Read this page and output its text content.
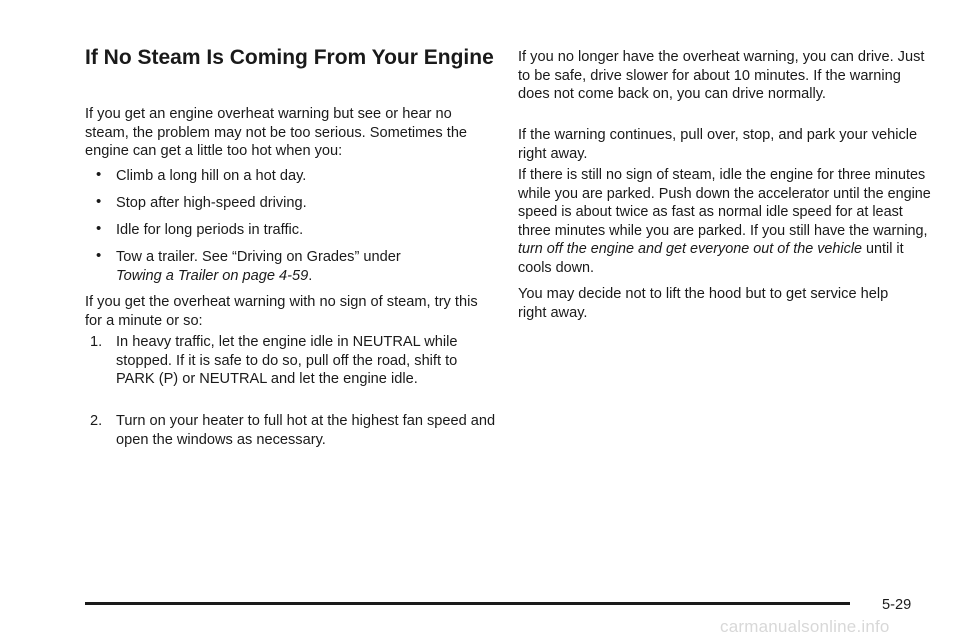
If No Steam Is Coming From Your Engine

If you get an engine overheat warning but see or hear no steam, the problem may not be too serious. Sometimes the engine can get a little too hot when you:

• Climb a long hill on a hot day.
• Stop after high-speed driving.
• Idle for long periods in traffic.
• Tow a trailer. See “Driving on Grades” under
Towing a Trailer on page 4-59.

If you get the overheat warning with no sign of steam, try this for a minute or so:

1. In heavy traffic, let the engine idle in NEUTRAL while stopped. If it is safe to do so, pull off the road, shift to PARK (P) or NEUTRAL and let the engine idle.
2. Turn on your heater to full hot at the highest fan speed and open the windows as necessary.

If you no longer have the overheat warning, you can drive. Just to be safe, drive slower for about 10 minutes. If the warning does not come back on, you can drive normally.

If the warning continues, pull over, stop, and park your vehicle right away.

If there is still no sign of steam, idle the engine for three minutes while you are parked. Push down the accelerator until the engine speed is about twice as fast as normal idle speed for at least three minutes while you are parked. If you still have the warning, turn off the engine and get everyone out of the vehicle until it cools down.

You may decide not to lift the hood but to get service help right away.

5-29
carmanualsonline.info
